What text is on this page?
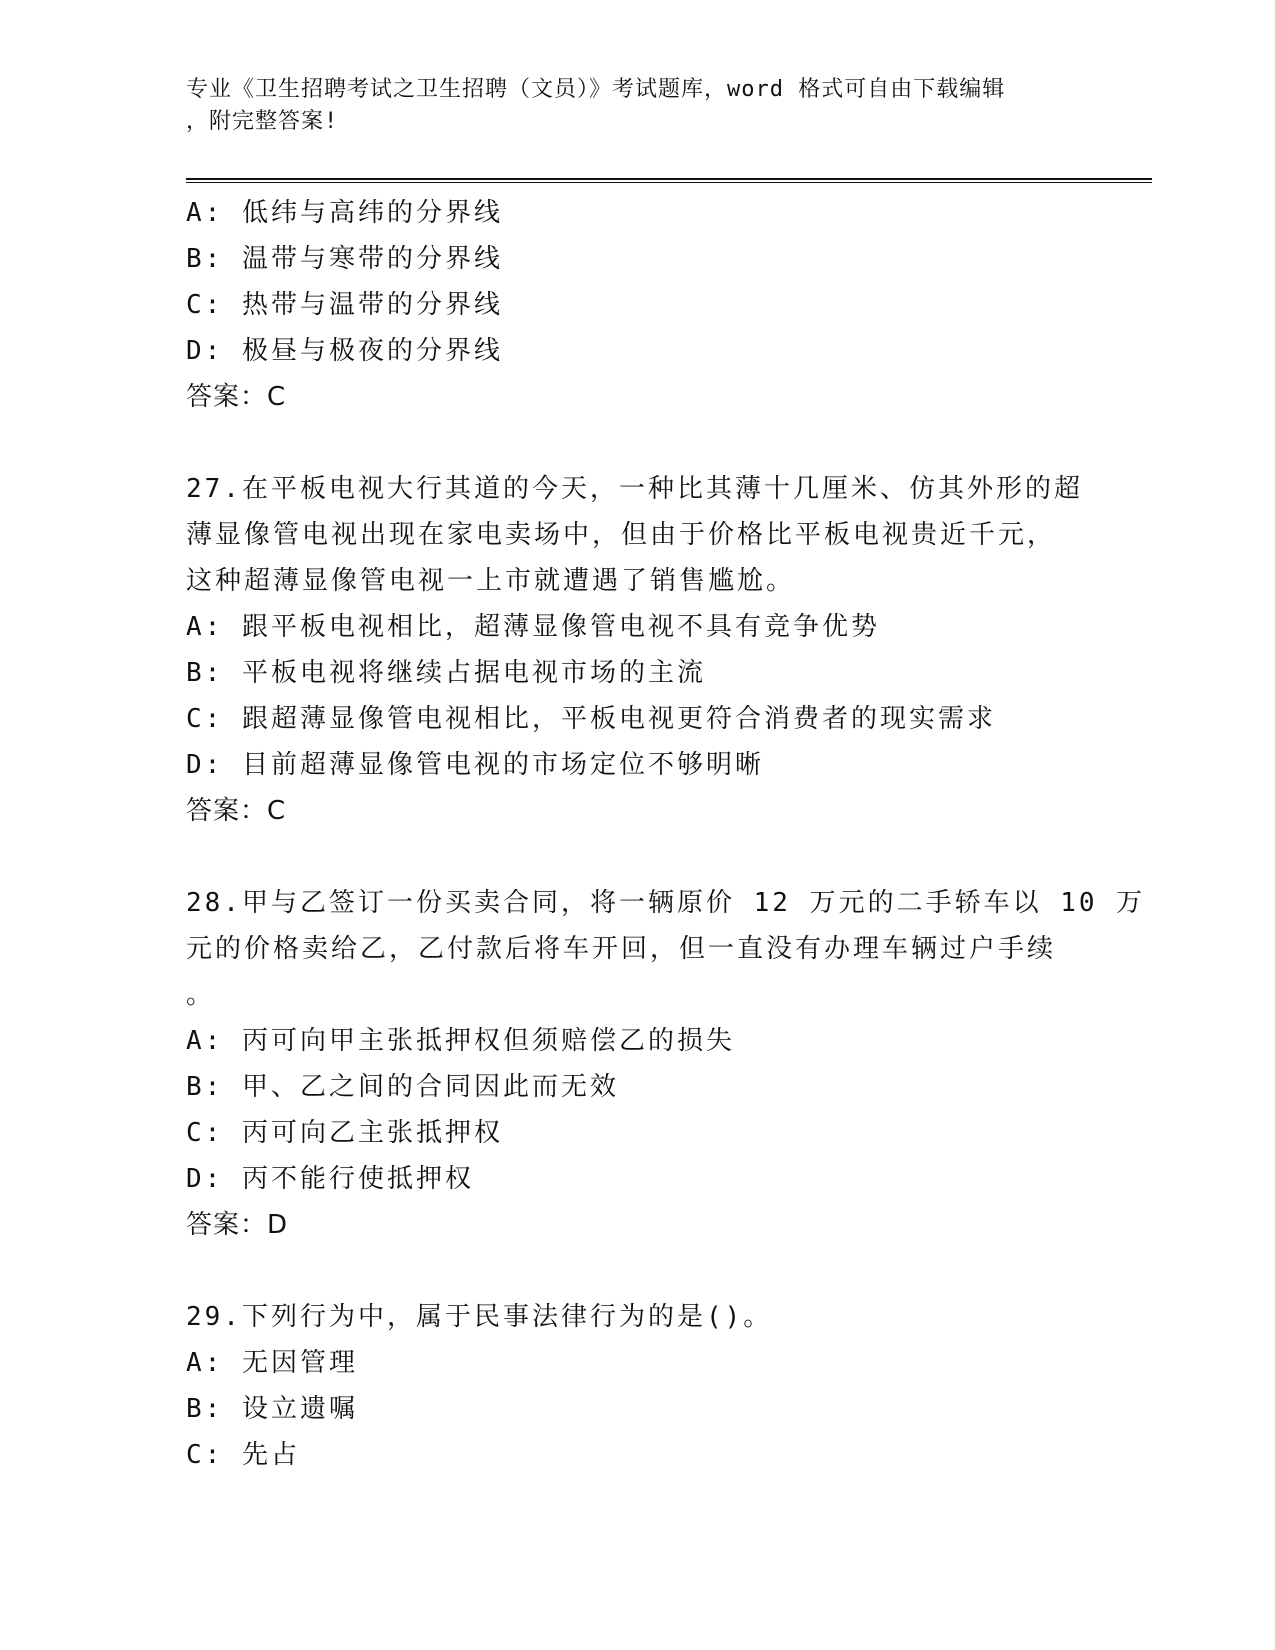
专业《卫生招聘考试之卫生招聘（文员）》考试题库，word 格式可自由下载编辑
，附完整答案!
A: 低纬与高纬的分界线
B: 温带与寒带的分界线
C: 热带与温带的分界线
D: 极昼与极夜的分界线
答案：C
27.在平板电视大行其道的今天，一种比其薄十几厘米、仿其外形的超
薄显像管电视出现在家电卖场中，但由于价格比平板电视贵近千元，
这种超薄显像管电视一上市就遭遇了销售尴尬。
A: 跟平板电视相比，超薄显像管电视不具有竞争优势
B: 平板电视将继续占据电视市场的主流
C: 跟超薄显像管电视相比，平板电视更符合消费者的现实需求
D: 目前超薄显像管电视的市场定位不够明晰
答案：C
28.甲与乙签订一份买卖合同，将一辆原价 12 万元的二手轿车以 10 万
元的价格卖给乙，乙付款后将车开回，但一直没有办理车辆过户手续
。
A: 丙可向甲主张抵押权但须赔偿乙的损失
B: 甲、乙之间的合同因此而无效
C: 丙可向乙主张抵押权
D: 丙不能行使抵押权
答案：D
29.下列行为中，属于民事法律行为的是()。
A: 无因管理
B: 设立遗嘱
C: 先占
